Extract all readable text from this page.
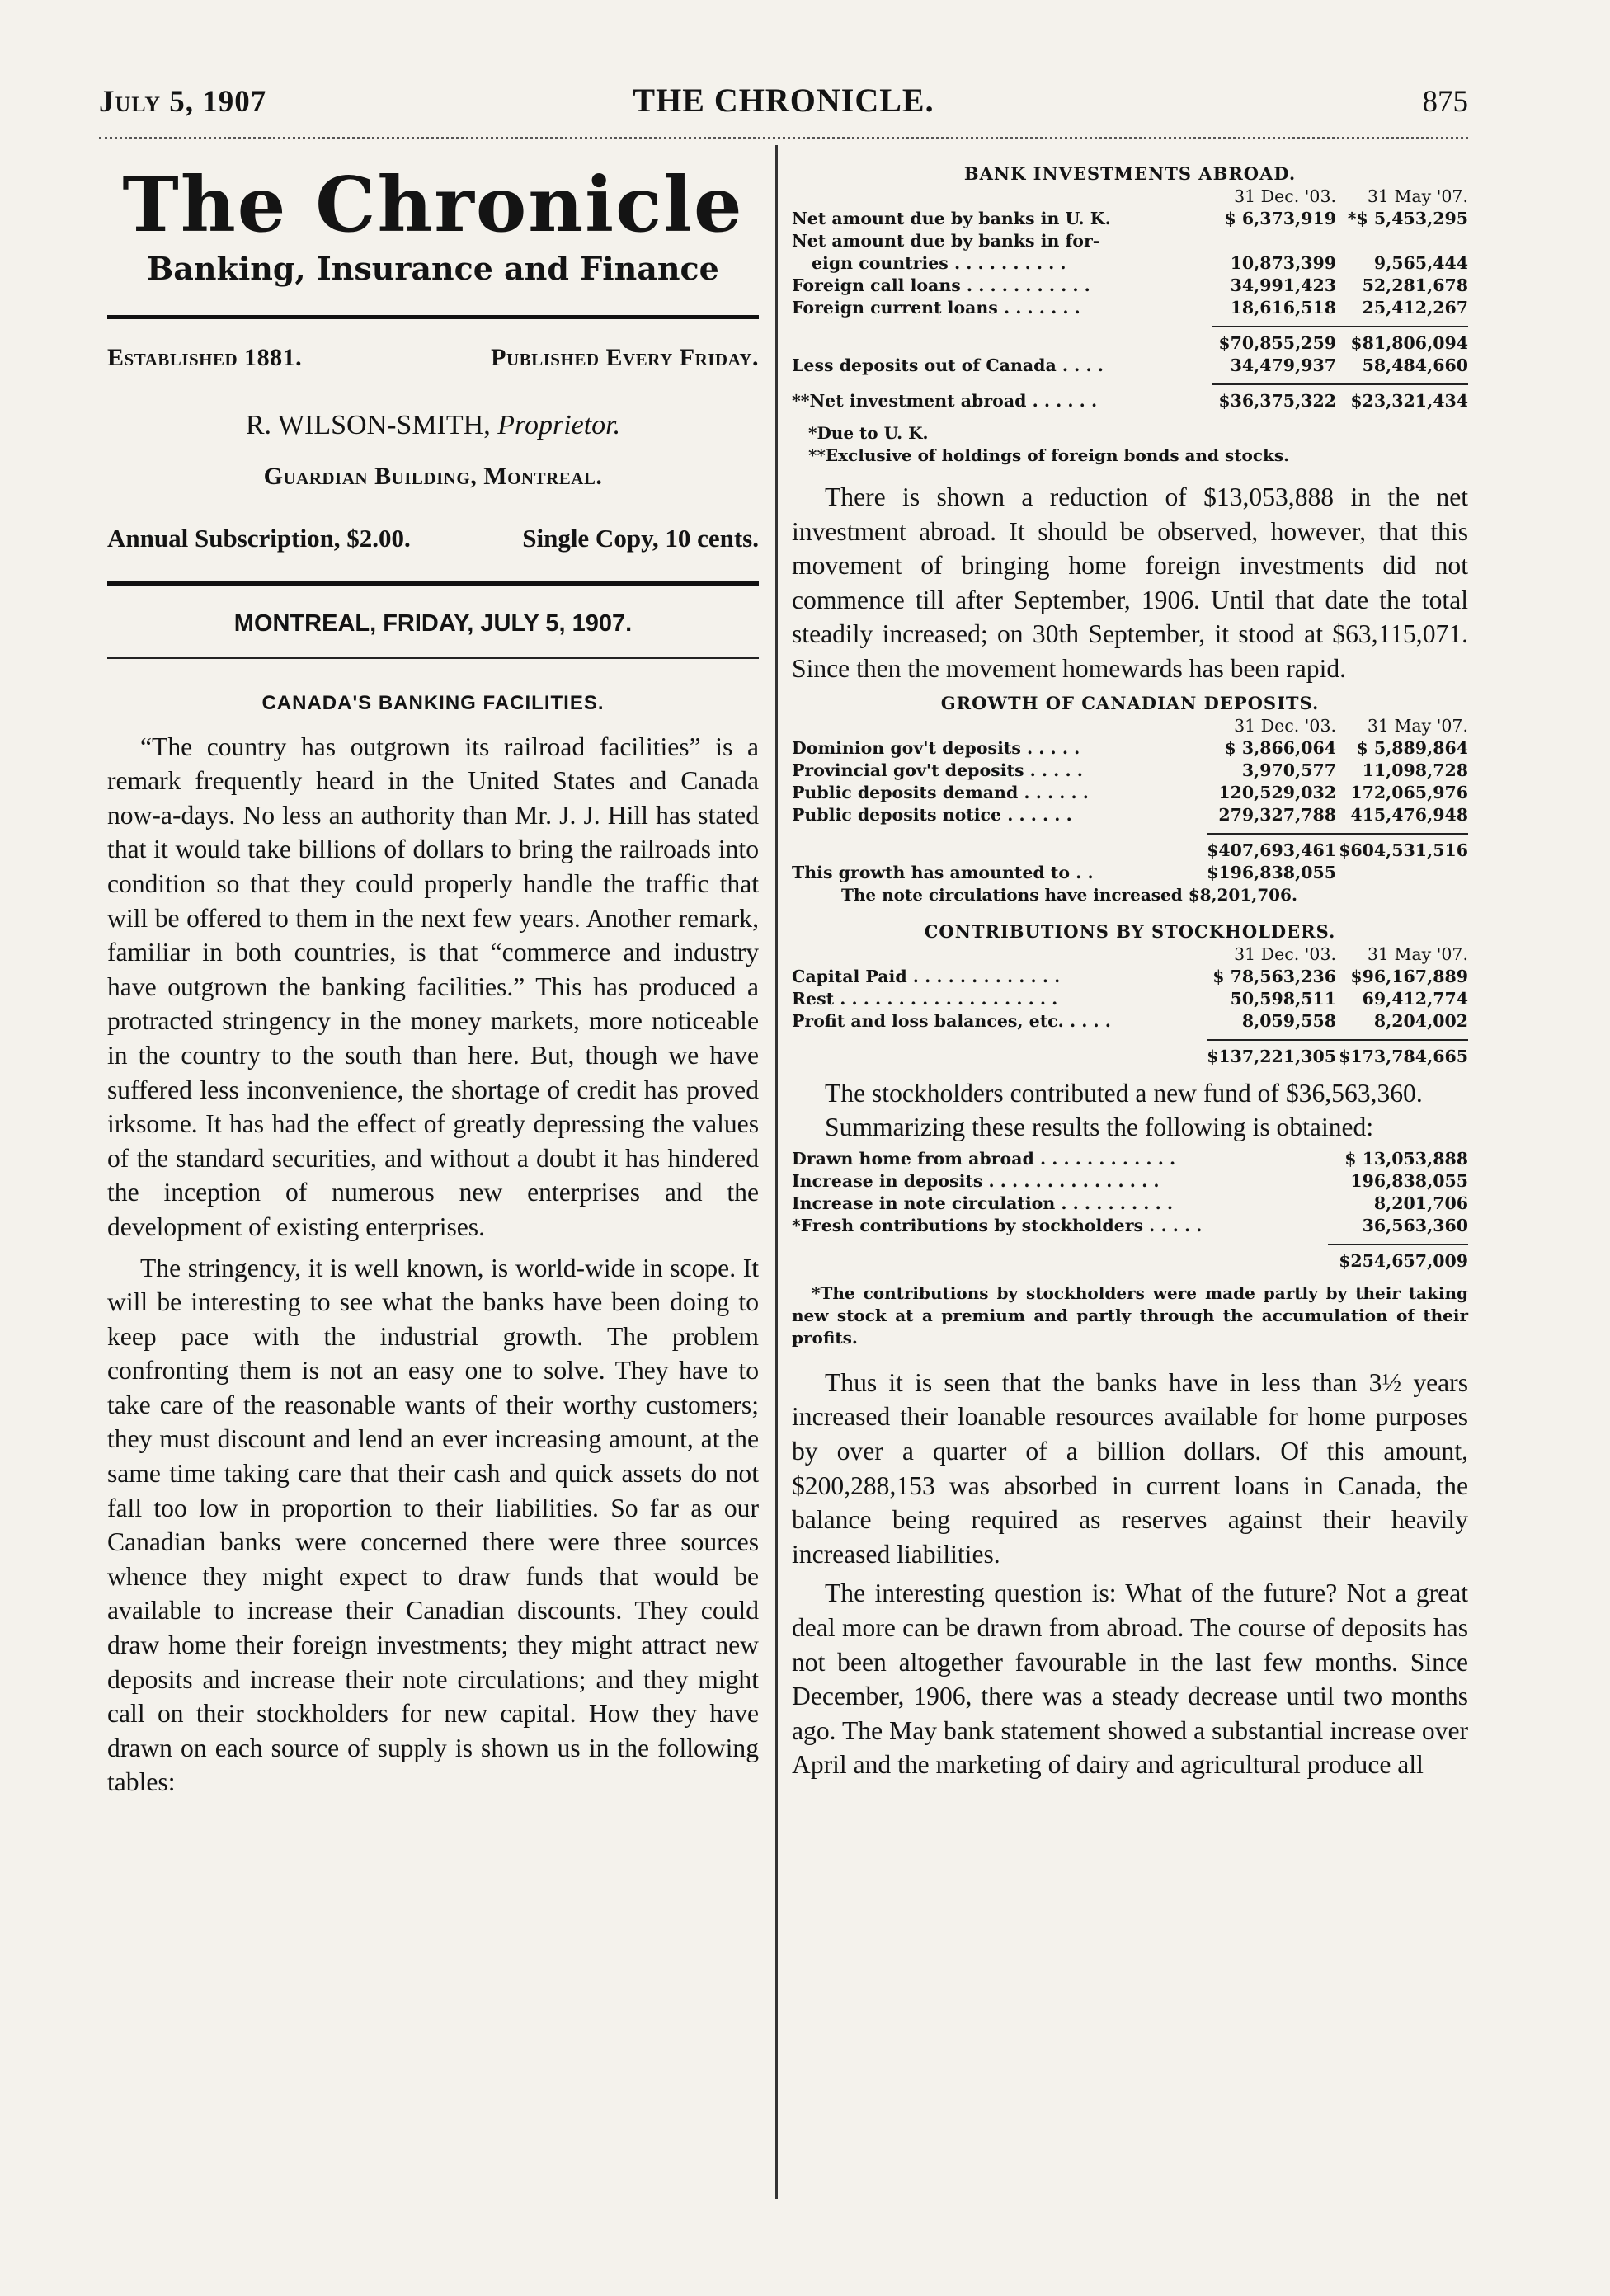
July 5, 1907	THE CHRONICLE.	875
The Chronicle
Banking, Insurance and Finance
Established 1881.	Published Every Friday.
R. WILSON-SMITH, Proprietor.
Guardian Building, Montreal.
Annual Subscription, $2.00.	Single Copy, 10 cents.
MONTREAL, FRIDAY, JULY 5, 1907.
CANADA'S BANKING FACILITIES.

“The country has outgrown its railroad facilities” is a remark frequently heard in the United States and Canada now-a-days. No less an authority than Mr. J. J. Hill has stated that it would take billions of dollars to bring the railroads into condition so that they could properly handle the traffic that will be offered to them in the next few years. Another remark, familiar in both countries, is that “commerce and industry have outgrown the banking facilities.” This has produced a protracted stringency in the money markets, more noticeable in the country to the south than here. But, though we have suffered less inconvenience, the shortage of credit has proved irksome. It has had the effect of greatly depressing the values of the standard securities, and without a doubt it has hindered the inception of numerous new enterprises and the development of existing enterprises.

The stringency, it is well known, is world-wide in scope. It will be interesting to see what the banks have been doing to keep pace with the industrial growth. The problem confronting them is not an easy one to solve. They have to take care of the reasonable wants of their worthy customers; they must discount and lend an ever increasing amount, at the same time taking care that their cash and quick assets do not fall too low in proportion to their liabilities. So far as our Canadian banks were concerned there were three sources whence they might expect to draw funds that would be available to increase their Canadian discounts. They could draw home their foreign investments; they might attract new deposits and increase their note circulations; and they might call on their stockholders for new capital. How they have drawn on each source of supply is shown us in the following tables:

BANK INVESTMENTS ABROAD.
	31 Dec. '03.	31 May '07.
Net amount due by banks in U. K.	$ 6,373,919	*$ 5,453,295
Net amount due by banks in for-		
eign countries . . . . . . . . . .	10,873,399	9,565,444
Foreign call loans . . . . . . . . . . .	34,991,423	52,281,678
Foreign current loans . . . . . . .	18,616,518	25,412,267

	$70,855,259	$81,806,094
Less deposits out of Canada . . . .	34,479,937	58,484,660

**Net investment abroad . . . . . .	$36,375,322	$23,321,434
*Due to U. K.
**Exclusive of holdings of foreign bonds and stocks.

There is shown a reduction of $13,053,888 in the net investment abroad. It should be observed, however, that this movement of bringing home foreign investments did not commence till after September, 1906. Until that date the total steadily increased; on 30th September, it stood at $63,115,071. Since then the movement homewards has been rapid.

GROWTH OF CANADIAN DEPOSITS.
	31 Dec. '03.	31 May '07.
Dominion gov't deposits . . . . .	$ 3,866,064	$ 5,889,864
Provincial gov't deposits . . . . .	3,970,577	11,098,728
Public deposits demand . . . . . .	120,529,032	172,065,976
Public deposits notice . . . . . .	279,327,788	415,476,948

	$407,693,461	$604,531,516
This growth has amounted to . .	$196,838,055	
The note circulations have increased $8,201,706.
CONTRIBUTIONS BY STOCKHOLDERS.
	31 Dec. '03.	31 May '07.
Capital Paid . . . . . . . . . . . . .	$ 78,563,236	$96,167,889
Rest . . . . . . . . . . . . . . . . . . .	50,598,511	69,412,774
Profit and loss balances, etc. . . . .	8,059,558	8,204,002

	$137,221,305	$173,784,665

The stockholders contributed a new fund of $36,563,360.

Summarizing these results the following is obtained:

Drawn home from abroad . . . . . . . . . . . .	$ 13,053,888
Increase in deposits . . . . . . . . . . . . . . .	196,838,055
Increase in note circulation . . . . . . . . . .	8,201,706
*Fresh contributions by stockholders . . . . .	36,563,360

	$254,657,009

*The contributions by stockholders were made partly by their taking new stock at a premium and partly through the accumulation of their profits.

Thus it is seen that the banks have in less than 3½ years increased their loanable resources available for home purposes by over a quarter of a billion dollars. Of this amount, $200,288,153 was absorbed in current loans in Canada, the balance being required as reserves against their heavily increased liabilities.

The interesting question is: What of the future? Not a great deal more can be drawn from abroad. The course of deposits has not been altogether favourable in the last few months. Since December, 1906, there was a steady decrease until two months ago. The May bank statement showed a substantial increase over April and the marketing of dairy and agricultural produce all
